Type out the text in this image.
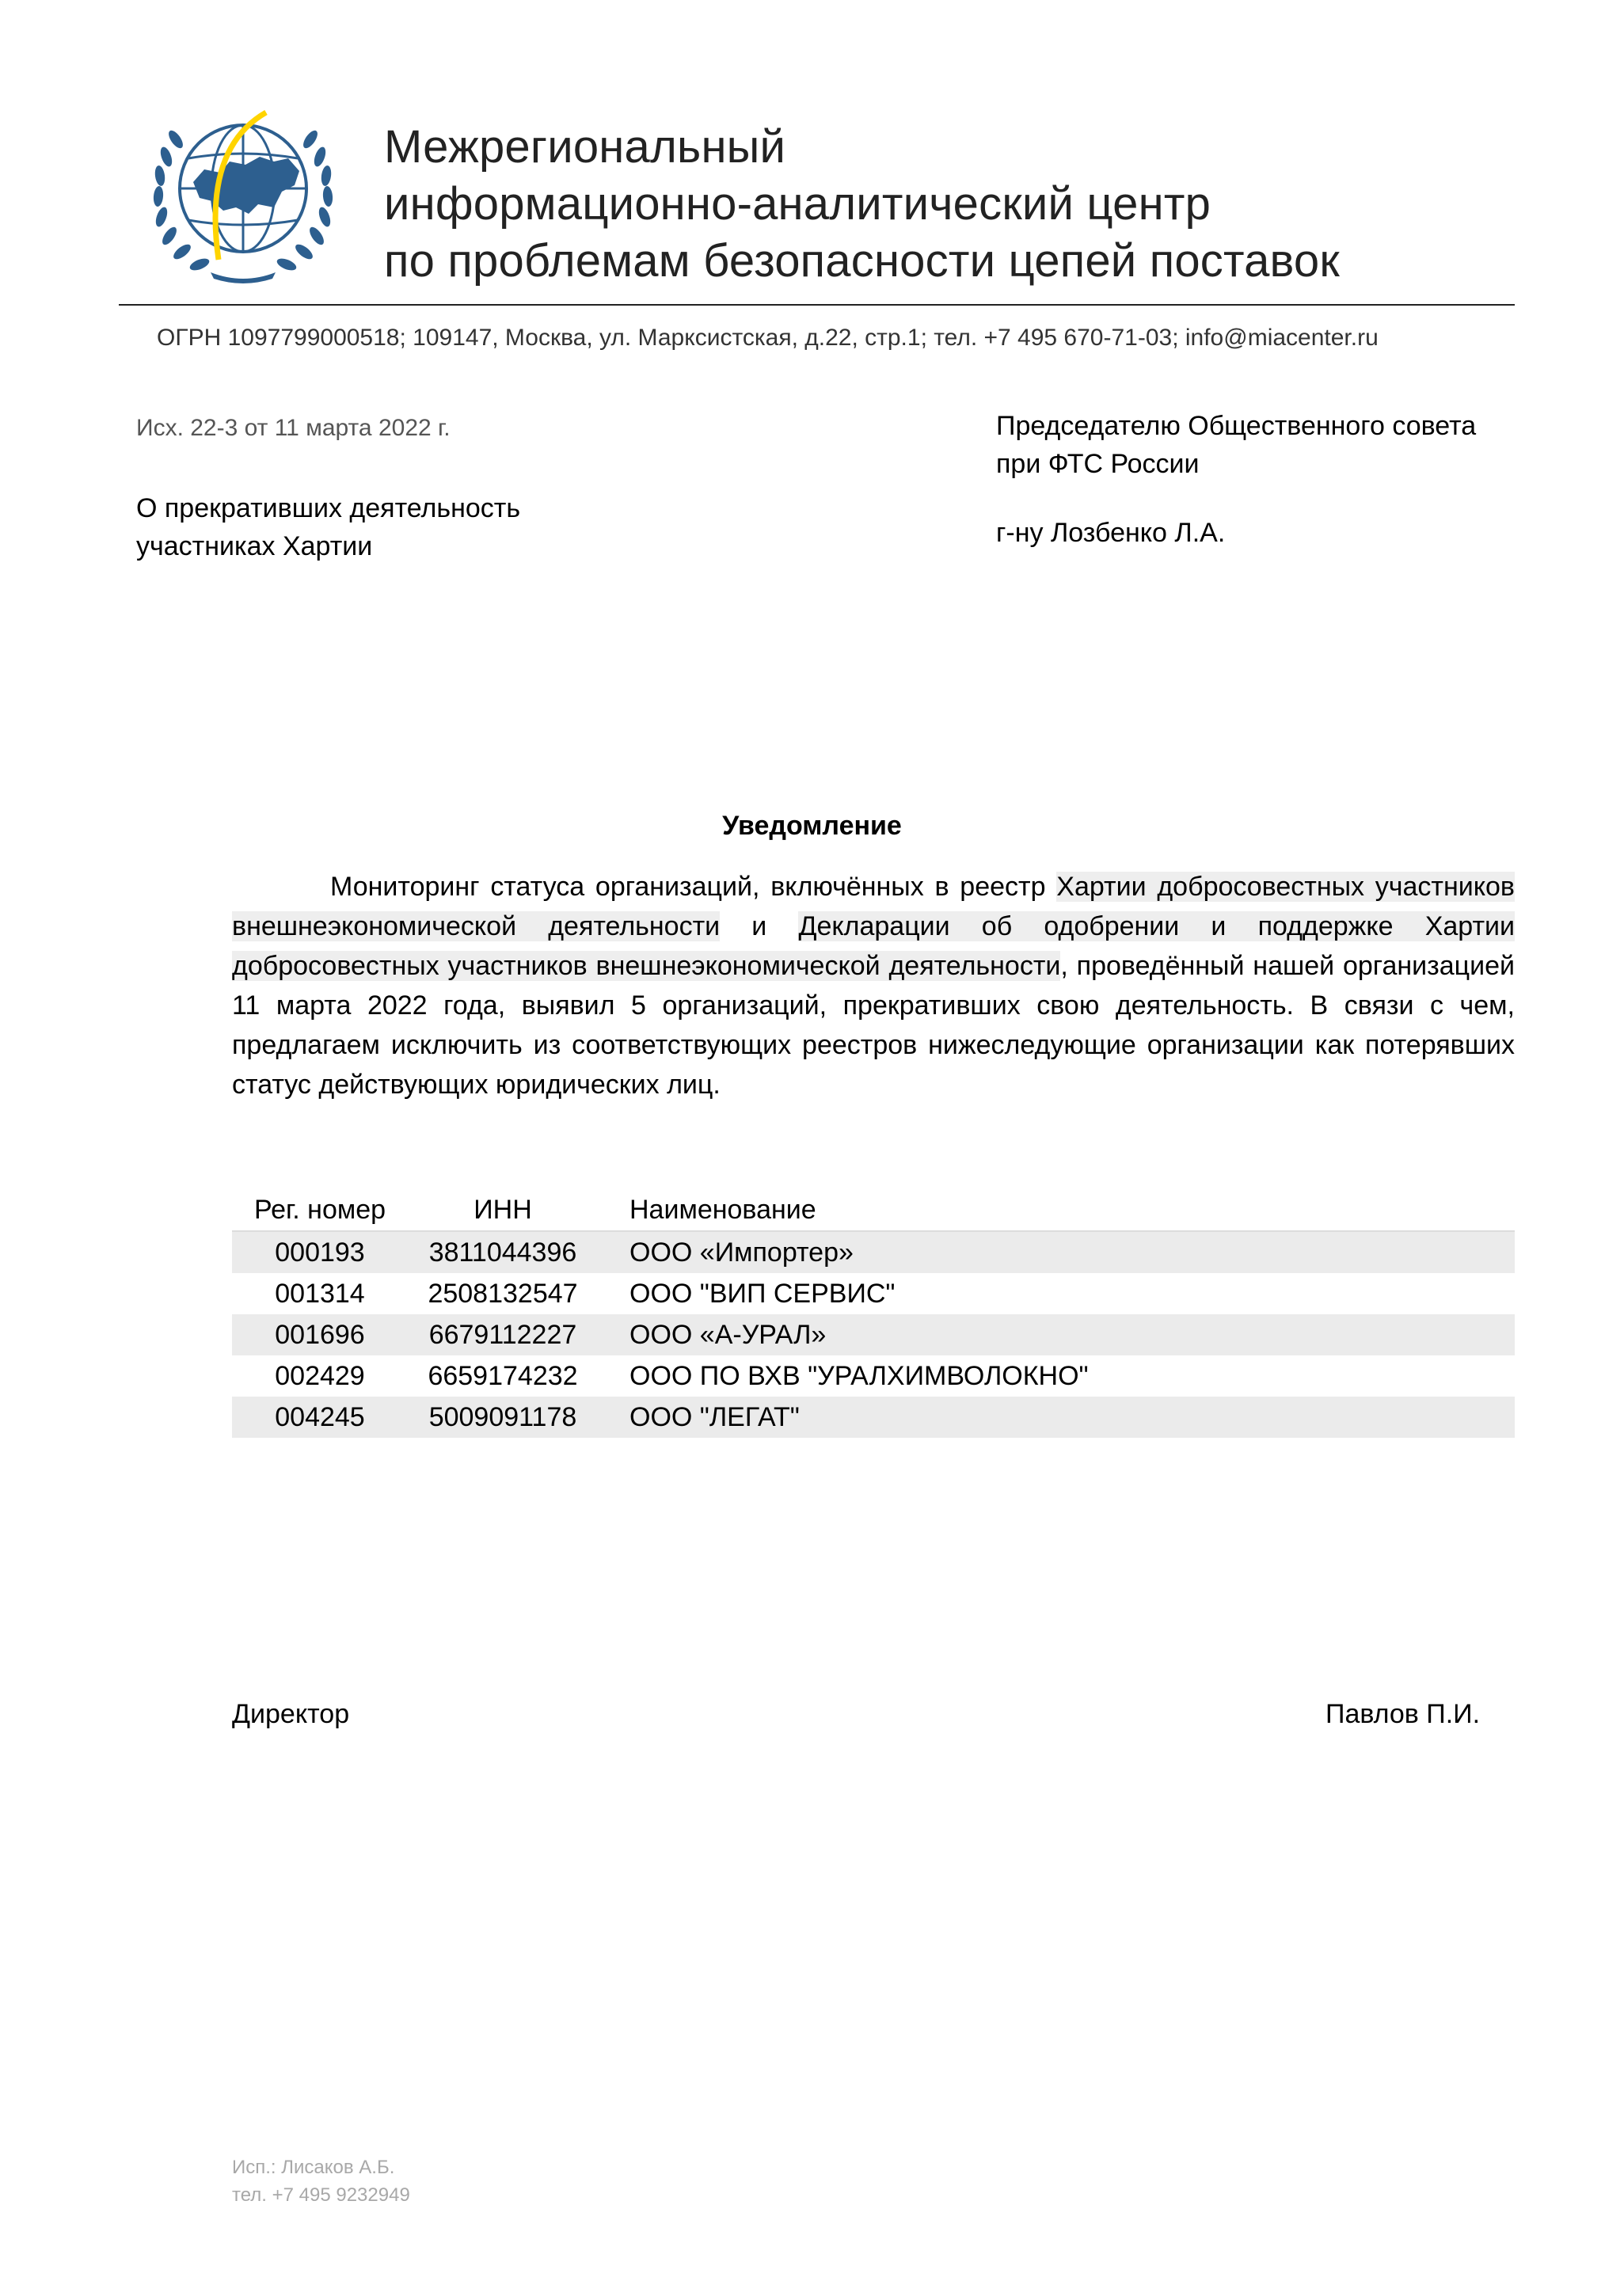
Межрегиональный
информационно-аналитический центр
по проблемам безопасности цепей поставок
ОГРН 1097799000518; 109147, Москва, ул. Марксистская, д.22, стр.1; тел. +7 495 670-71-03; info@miacenter.ru
Исх. 22-3 от 11 марта 2022 г.
О прекративших деятельность
участниках Хартии
Председателю Общественного совета
при ФТС России
г-ну Лозбенко Л.А.
Уведомление
Мониторинг статуса организаций, включённых в реестр Хартии добросовестных участников внешнеэкономической деятельности и Декларации об одобрении и поддержке Хартии добросовестных участников внешнеэкономической деятельности, проведённый нашей организацией 11 марта 2022 года, выявил 5 организаций, прекративших свою деятельность. В связи с чем, предлагаем исключить из соответствующих реестров нижеследующие организации как потерявших статус действующих юридических лиц.
Рег. номер	ИНН	Наименование
000193	3811044396	ООО «Импортер»
001314	2508132547	ООО "ВИП СЕРВИС"
001696	6679112227	ООО «А-УРАЛ»
002429	6659174232	ООО ПО ВХВ "УРАЛХИМВОЛОКНО"
004245	5009091178	ООО "ЛЕГАТ"
Директор	Павлов П.И.
Исп.: Лисаков А.Б.
тел. +7 495 9232949
